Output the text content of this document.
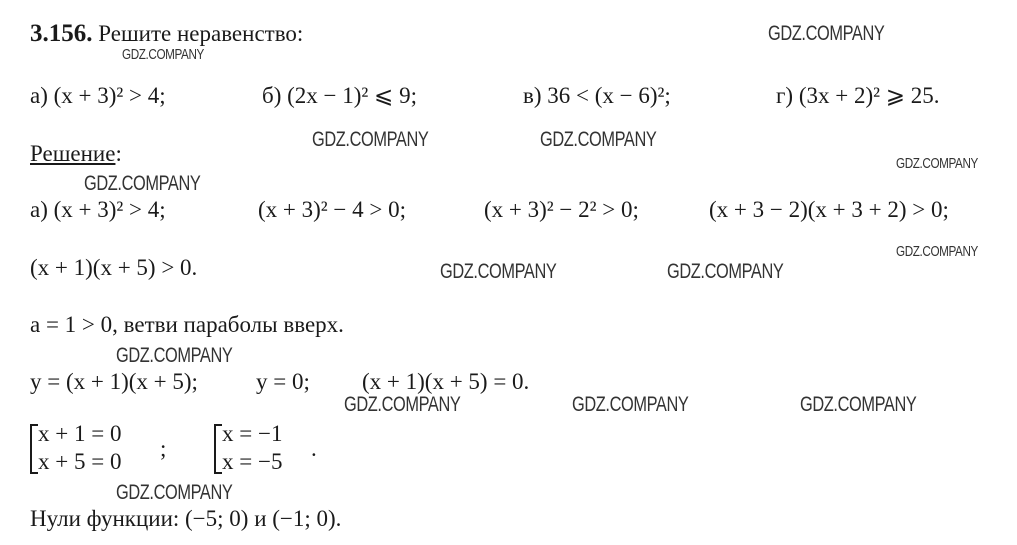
3.156. Решите неравенство:
а) (x + 3)² > 4;	б) (2x − 1)² ⩽ 9;	в) 36 < (x − 6)²;	г) (3x + 2)² ⩾ 25.
Решение:
а) (x + 3)² > 4;	(x + 3)² − 4 > 0;	(x + 3)² − 2² > 0;	(x + 3 − 2)(x + 3 + 2) > 0;
(x + 1)(x + 5) > 0.
a = 1 > 0, ветви параболы вверх.
y = (x + 1)(x + 5);	y = 0; (x + 1)(x + 5) = 0.
x + 1 = 0
x + 5 = 0
;
x = −1
x = −5
.
Нули функции: (−5; 0) и (−1; 0).
GDZ.COMPANY
GDZ.COMPANY
GDZ.COMPANY	GDZ.COMPANY
GDZ.COMPANY
GDZ.COMPANY
GDZ.COMPANY
GDZ.COMPANY	GDZ.COMPANY
GDZ.COMPANY
GDZ.COMPANY	GDZ.COMPANY	GDZ.COMPANY
GDZ.COMPANY
